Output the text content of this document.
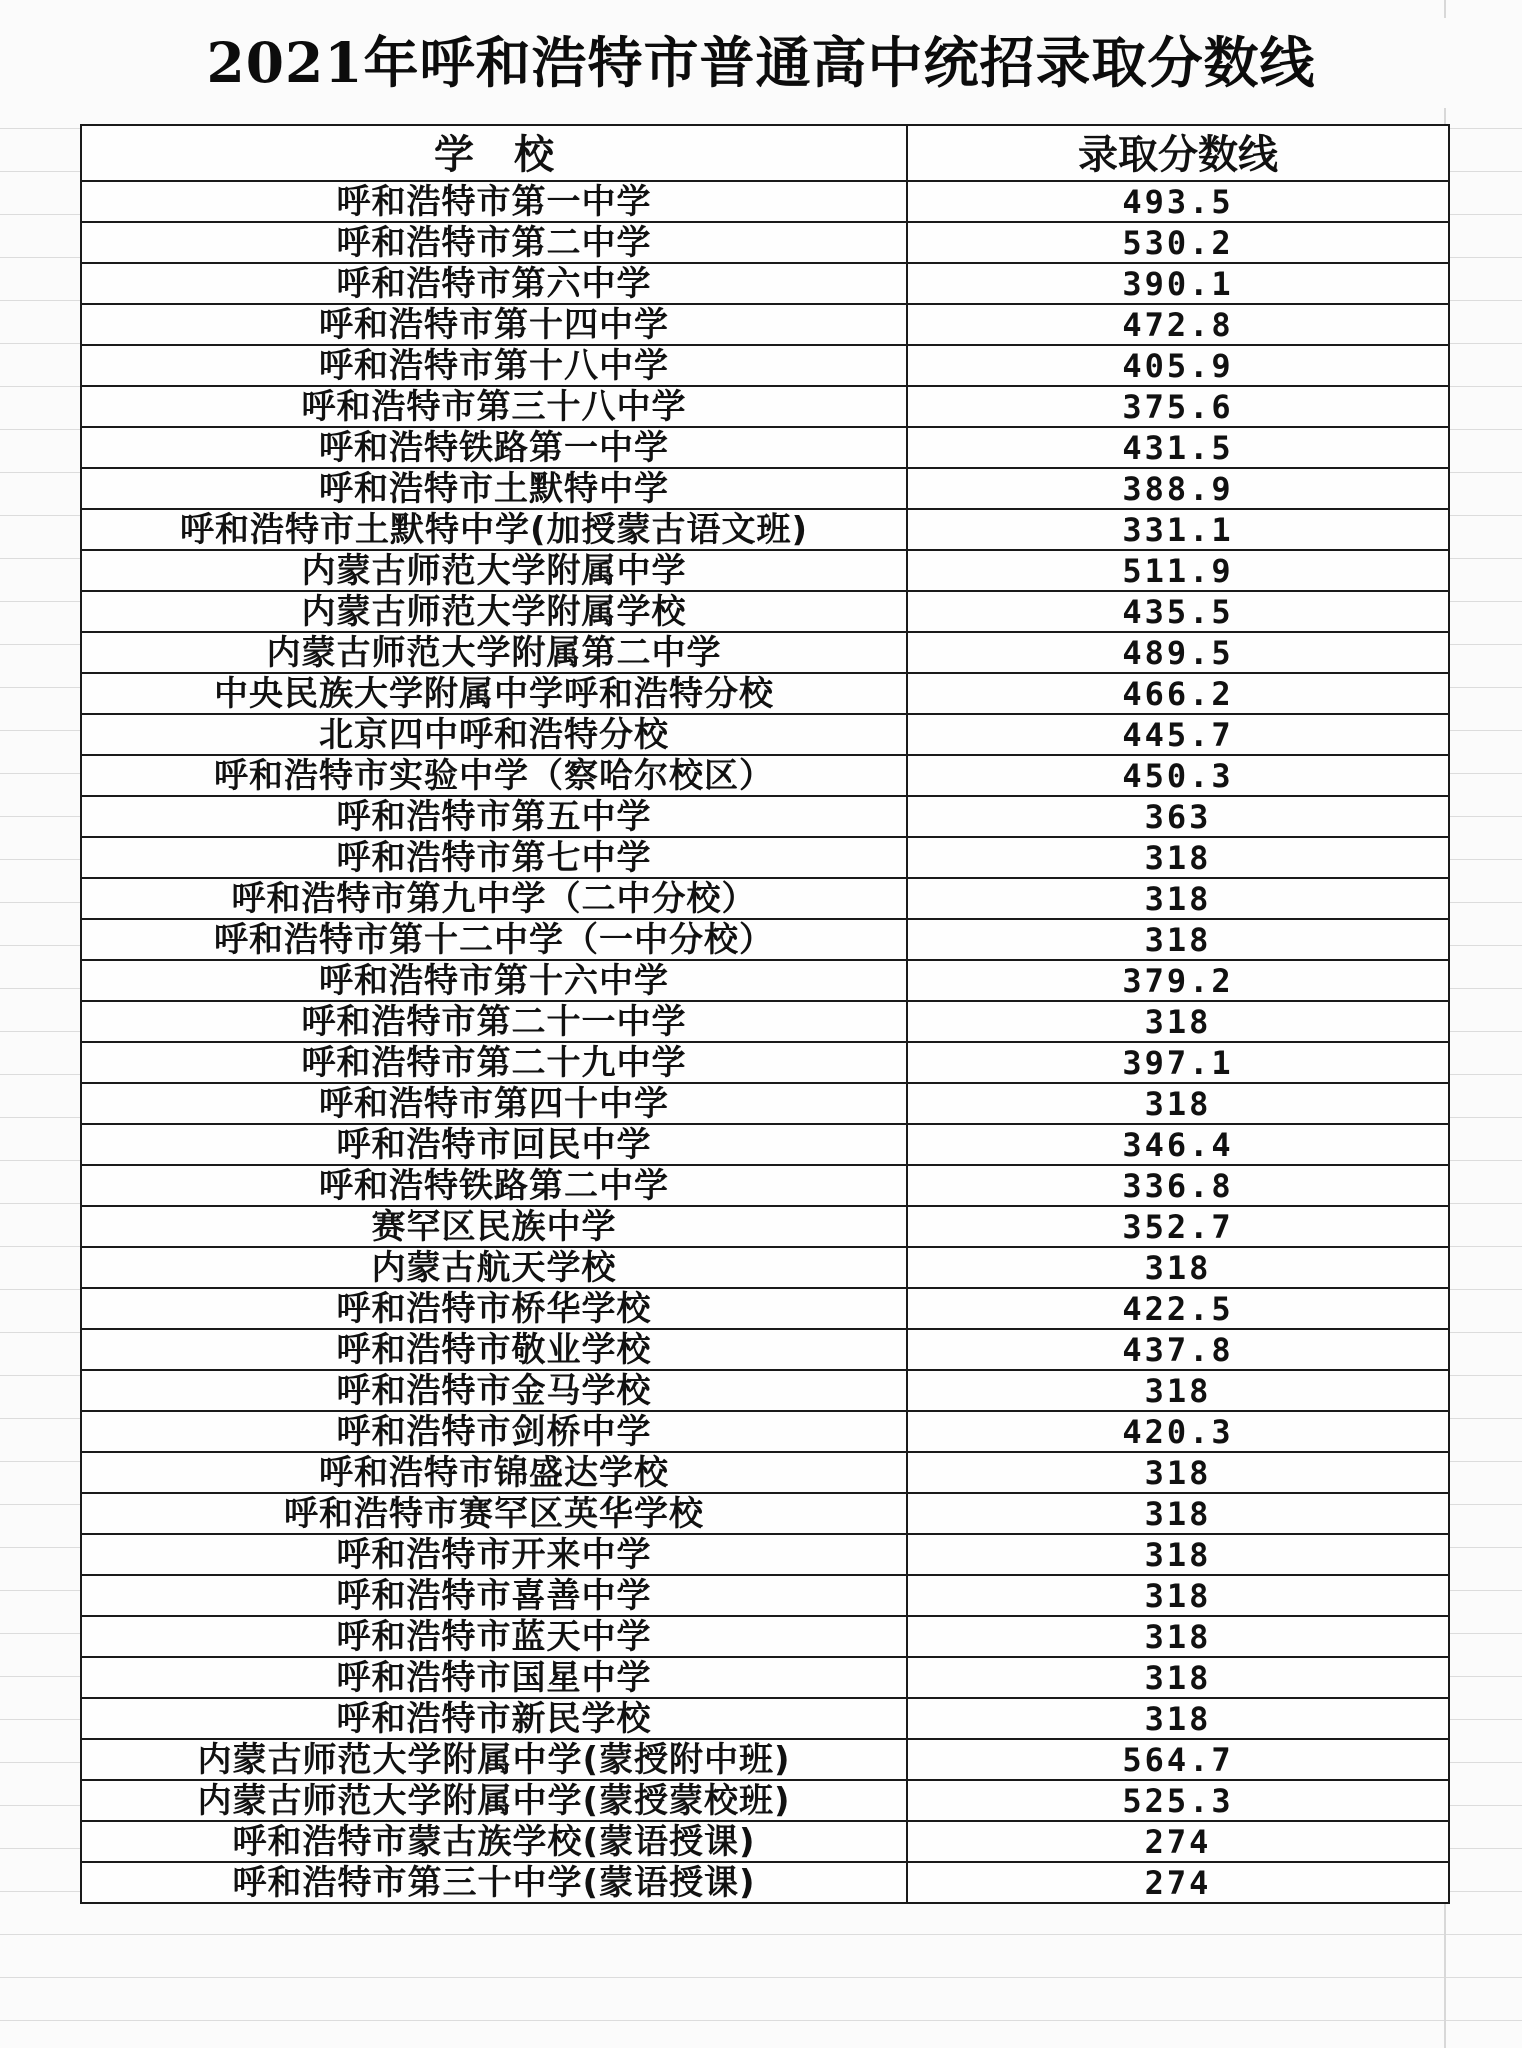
2021年呼和浩特市普通高中统招录取分数线
学　校	录取分数线
呼和浩特市第一中学	493.5
呼和浩特市第二中学	530.2
呼和浩特市第六中学	390.1
呼和浩特市第十四中学	472.8
呼和浩特市第十八中学	405.9
呼和浩特市第三十八中学	375.6
呼和浩特铁路第一中学	431.5
呼和浩特市土默特中学	388.9
呼和浩特市土默特中学(加授蒙古语文班)	331.1
内蒙古师范大学附属中学	511.9
内蒙古师范大学附属学校	435.5
内蒙古师范大学附属第二中学	489.5
中央民族大学附属中学呼和浩特分校	466.2
北京四中呼和浩特分校	445.7
呼和浩特市实验中学（察哈尔校区）	450.3
呼和浩特市第五中学	363
呼和浩特市第七中学	318
呼和浩特市第九中学（二中分校）	318
呼和浩特市第十二中学（一中分校）	318
呼和浩特市第十六中学	379.2
呼和浩特市第二十一中学	318
呼和浩特市第二十九中学	397.1
呼和浩特市第四十中学	318
呼和浩特市回民中学	346.4
呼和浩特铁路第二中学	336.8
赛罕区民族中学	352.7
内蒙古航天学校	318
呼和浩特市桥华学校	422.5
呼和浩特市敬业学校	437.8
呼和浩特市金马学校	318
呼和浩特市剑桥中学	420.3
呼和浩特市锦盛达学校	318
呼和浩特市赛罕区英华学校	318
呼和浩特市开来中学	318
呼和浩特市喜善中学	318
呼和浩特市蓝天中学	318
呼和浩特市国星中学	318
呼和浩特市新民学校	318
内蒙古师范大学附属中学(蒙授附中班)	564.7
内蒙古师范大学附属中学(蒙授蒙校班)	525.3
呼和浩特市蒙古族学校(蒙语授课)	274
呼和浩特市第三十中学(蒙语授课)	274
